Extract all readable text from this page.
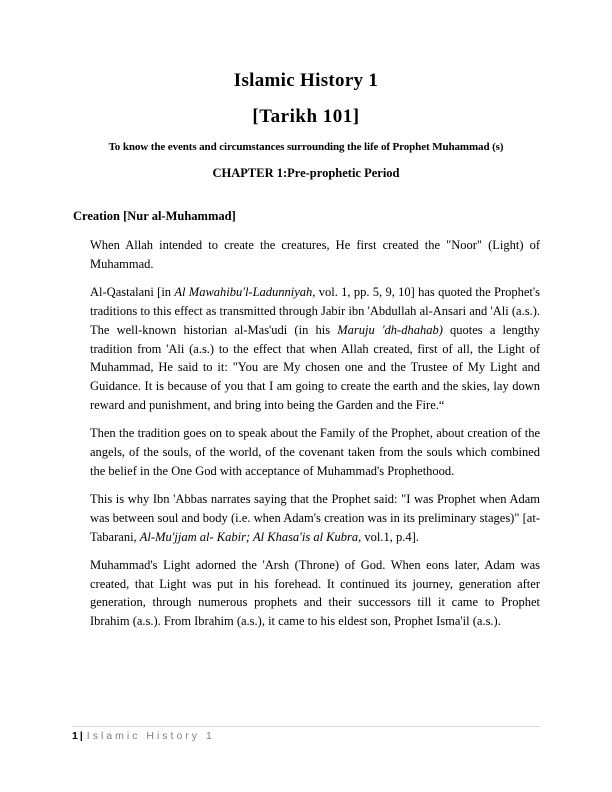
Islamic History 1
[Tarikh 101]
To know the events and circumstances surrounding the life of Prophet Muhammad (s)
CHAPTER 1:Pre-prophetic Period
Creation [Nur al-Muhammad]

When Allah intended to create the creatures, He first created the "Noor" (Light) of Muhammad.

Al-Qastalani [in Al Mawahibu'l-Ladunniyah, vol. 1, pp. 5, 9, 10] has quoted the Prophet's traditions to this effect as transmitted through Jabir ibn 'Abdullah al-Ansari and 'Ali (a.s.). The well-known historian al-Mas'udi (in his Maruju 'dh-dhahab) quotes a lengthy tradition from 'Ali (a.s.) to the effect that when Allah created, first of all, the Light of Muhammad, He said to it: "You are My chosen one and the Trustee of My Light and Guidance. It is because of you that I am going to create the earth and the skies, lay down reward and punishment, and bring into being the Garden and the Fire.“

Then the tradition goes on to speak about the Family of the Prophet, about creation of the angels, of the souls, of the world, of the covenant taken from the souls which combined the belief in the One God with acceptance of Muhammad's Prophethood.

This is why Ibn 'Abbas narrates saying that the Prophet said: "I was Prophet when Adam was between soul and body (i.e. when Adam's creation was in its preliminary stages)" [at-Tabarani, Al-Mu'jjam al- Kabir; Al Khasa'is al Kubra, vol.1, p.4].

Muhammad's Light adorned the 'Arsh (Throne) of God. When eons later, Adam was created, that Light was put in his forehead. It continued its journey, generation after generation, through numerous prophets and their successors till it came to Prophet Ibrahim (a.s.). From Ibrahim (a.s.), it came to his eldest son, Prophet Isma'il (a.s.).

1 | Islamic History 1
